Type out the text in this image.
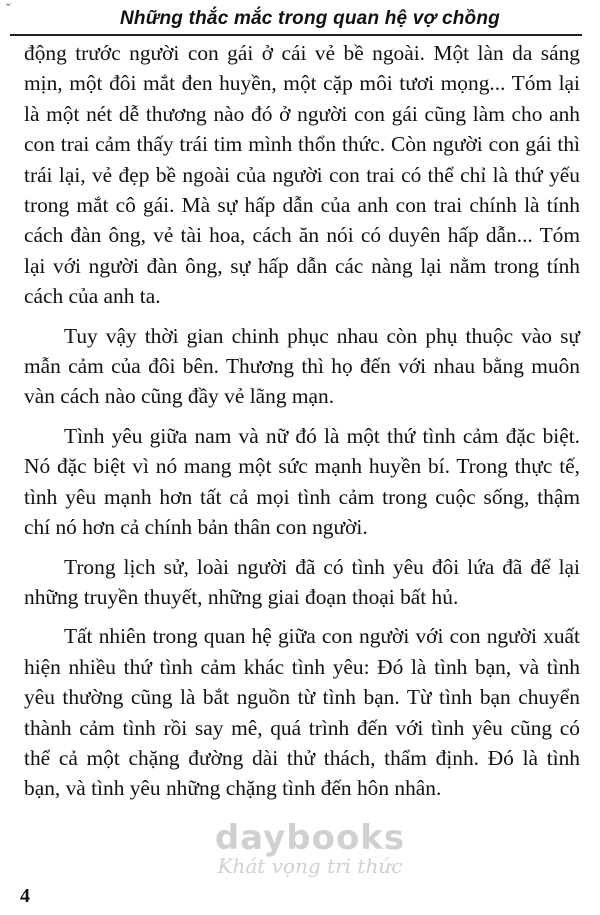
ˇ	Những thắc mắc trong quan hệ vợ chồng

động trước người con gái ở cái vẻ bề ngoài. Một làn da sáng mịn, một đôi mắt đen huyền, một cặp môi tươi mọng... Tóm lại là một nét dễ thương nào đó ở người con gái cũng làm cho anh con trai cảm thấy trái tim mình thổn thức. Còn người con gái thì trái lại, vẻ đẹp bề ngoài của người con trai có thể chỉ là thứ yếu trong mắt cô gái. Mà sự hấp dẫn của anh con trai chính là tính cách đàn ông, vẻ tài hoa, cách ăn nói có duyên hấp dẫn... Tóm lại với người đàn ông, sự hấp dẫn các nàng lại nằm trong tính cách của anh ta.

Tuy vậy thời gian chinh phục nhau còn phụ thuộc vào sự mẫn cảm của đôi bên. Thương thì họ đến với nhau bằng muôn vàn cách nào cũng đầy vẻ lãng mạn.

Tình yêu giữa nam và nữ đó là một thứ tình cảm đặc biệt. Nó đặc biệt vì nó mang một sức mạnh huyền bí. Trong thực tế, tình yêu mạnh hơn tất cả mọi tình cảm trong cuộc sống, thậm chí nó hơn cả chính bản thân con người.

Trong lịch sử, loài người đã có tình yêu đôi lứa đã để lại những truyền thuyết, những giai đoạn thoại bất hủ.

Tất nhiên trong quan hệ giữa con người với con người xuất hiện nhiều thứ tình cảm khác tình yêu: Đó là tình bạn, và tình yêu thường cũng là bắt nguồn từ tình bạn. Từ tình bạn chuyển thành cảm tình rồi say mê, quá trình đến với tình yêu cũng có thể cả một chặng đường dài thử thách, thẩm định. Đó là tình bạn, và tình yêu những chặng tình đến hôn nhân.

daybooks
Khát vọng tri thức
4
